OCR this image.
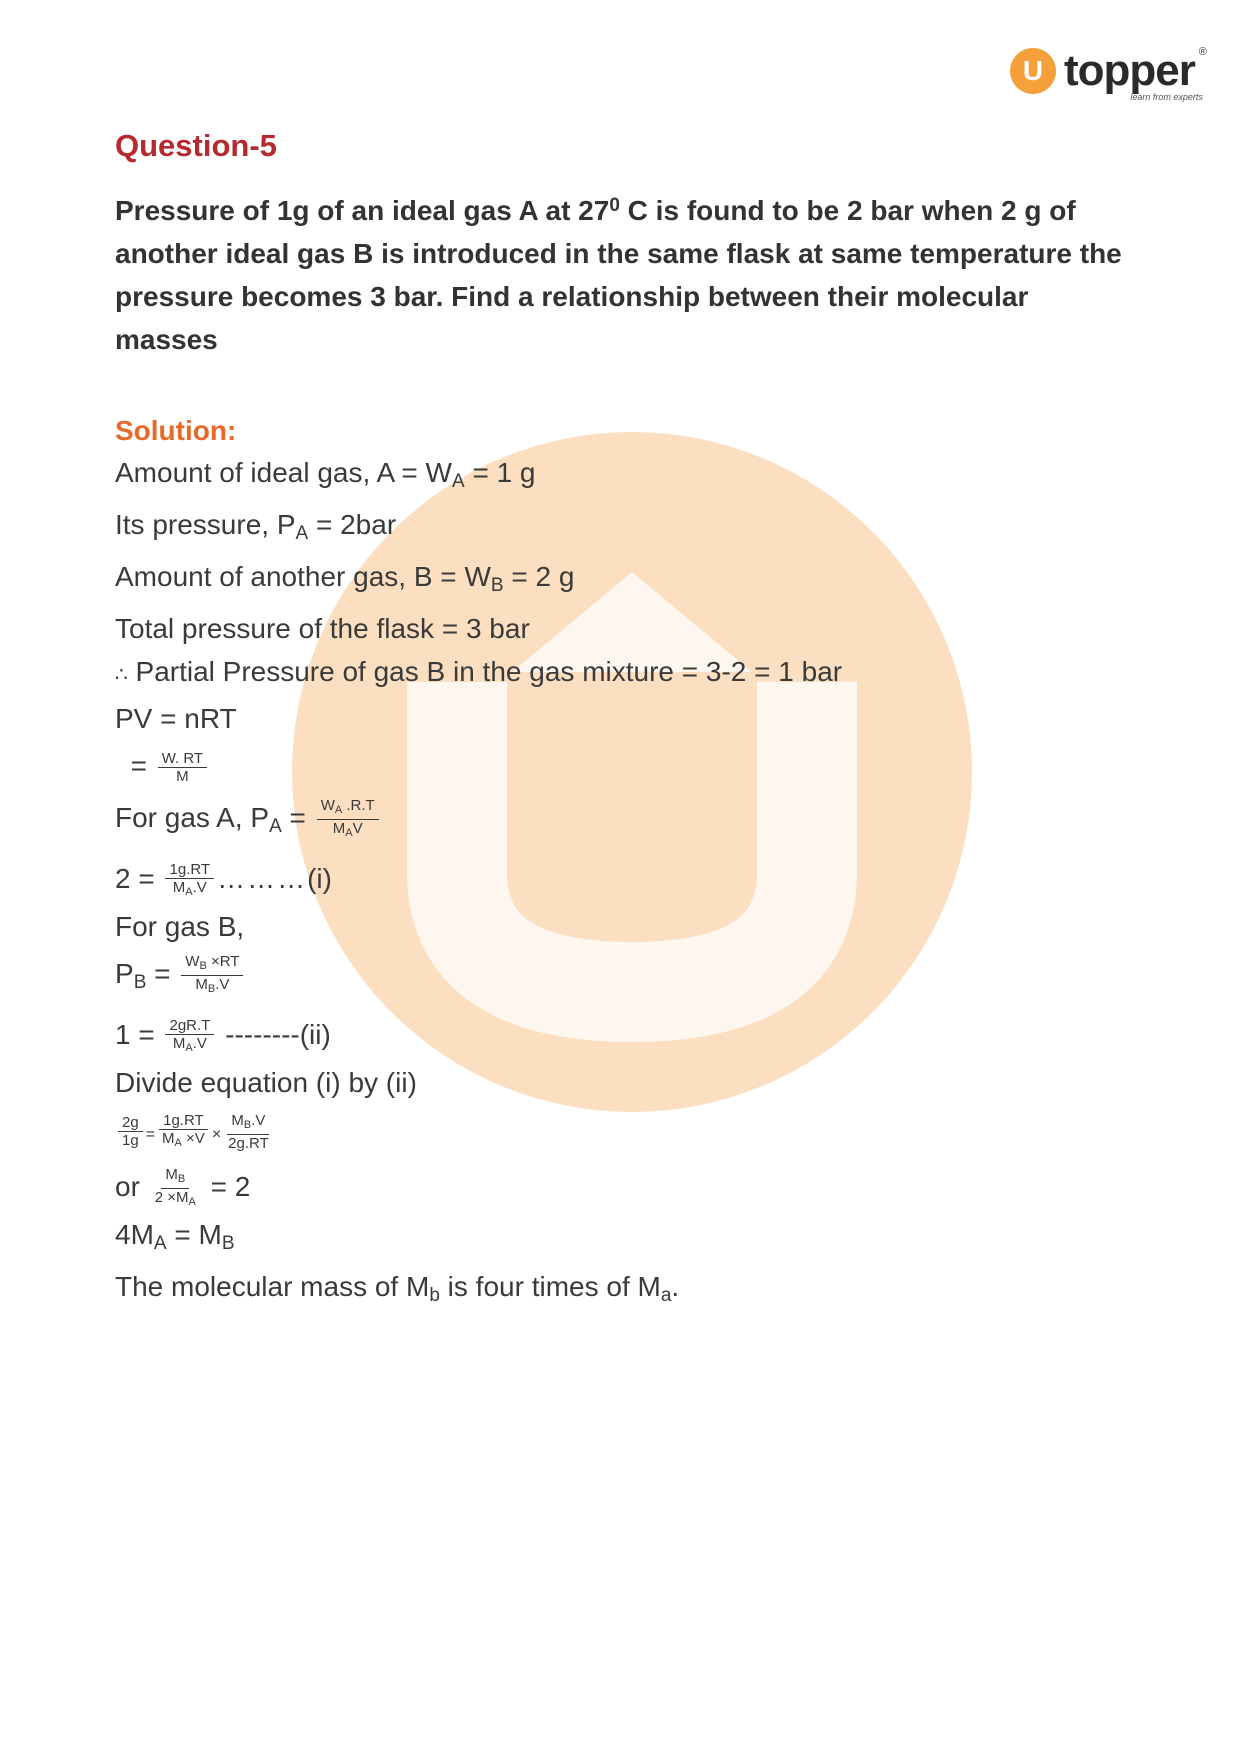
U topper ®
learn from experts
Question-5

Pressure of 1g of an ideal gas A at $27^0$ C is found to be 2 bar when 2 g of another ideal gas B is introduced in the same flask at same temperature the pressure becomes 3 bar. Find a relationship between their molecular masses

Solution:
Amount of ideal gas, $A = W_A = 1$ g
Its pressure, $P_A = 2bar$
Amount of another gas, $B = W_B = 2$ g
Total pressure of the flask = 3 bar
∴ Partial Pressure of gas B in the gas mixture = 3-2 = 1 bar
PV = nRT
= $\frac{W. RT}{M}$
For gas A, $P_A = \frac{W_A .R.T}{M_AV}$
$2 = \frac{1g.RT}{M_A.V}$ ………(i)
For gas B,
$P_B = \frac{W_B \times RT}{M_B.V}$
$1 = \frac{2gR.T}{M_A.V} --------(ii)$
Divide equation (i) by (ii)
$\frac{2g}{1g} = \frac{1g.RT}{M_A \times V} \times \frac{M_B.V}{2g.RT}$
or $\frac{M_B}{2 \times M_A} = 2$
$4M_A = M_B$
The molecular mass of $M_b$ is four times of $M_a$.
